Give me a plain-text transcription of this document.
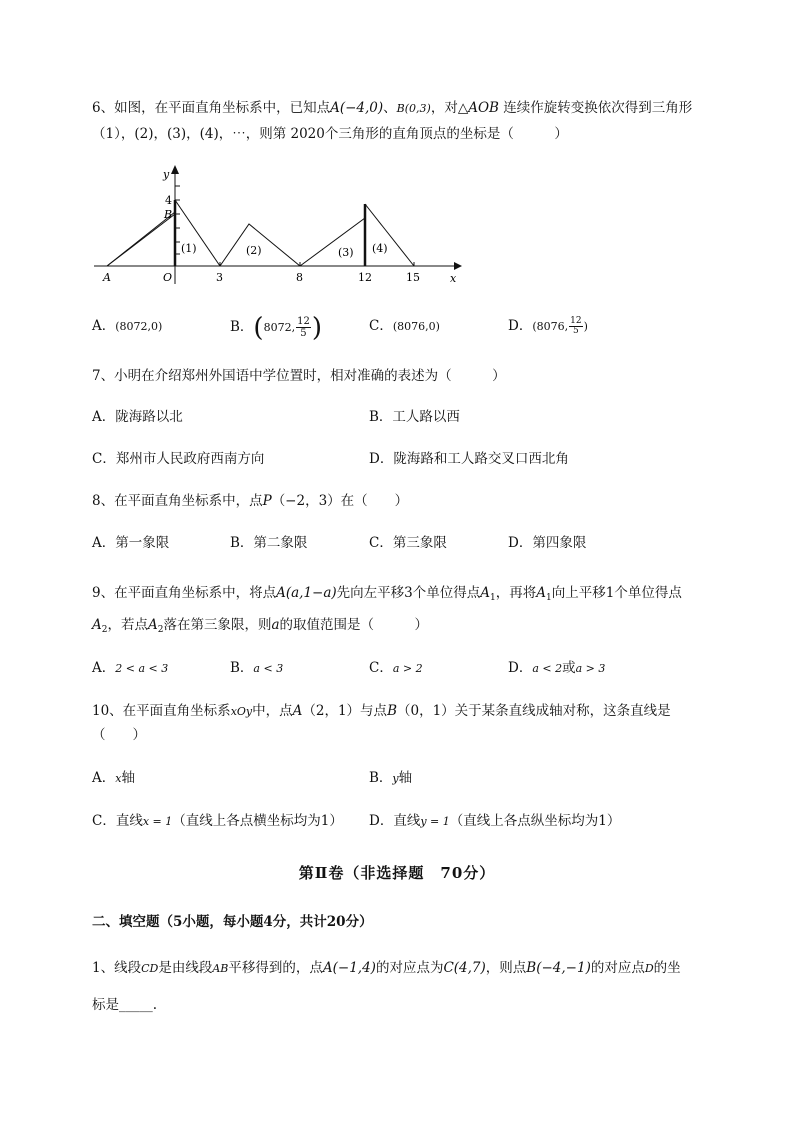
6、如图，在平面直角坐标系中，已知点A(−4,0)、B(0,3)，对△AOB 连续作旋转变换依次得到三角形
（1），(2)，(3)，(4)，⋯，则第 2020个三角形的直角顶点的坐标是（　　　）
y
x
4
B
A	O	3	8	12	15
(1)	(2)	(3) (4)
A．(8072,0)	B．(8072, $\frac{12}{5}$ )	C．(8076,0)	D．(8076, $\frac{12}{5}$ )
7、小明在介绍郑州外国语中学位置时，相对准确的表述为（　　　）
A．陇海路以北	B．工人路以西
C．郑州市人民政府西南方向	D．陇海路和工人路交叉口西北角
8、在平面直角坐标系中，点P（−2，3）在（　　）
A．第一象限	B．第二象限	C．第三象限	D．第四象限
9、在平面直角坐标系中，将点A(a,1−a)先向左平移3个单位得点$A_1$，再将$A_1$向上平移1个单位得点
$A_2$，若点$A_2$落在第三象限，则a的取值范围是（　　　）
A．2 < a < 3	B．a < 3	C．a > 2	D．a < 2或a > 3
10、在平面直角坐标系xOy中，点A（2，1）与点B（0，1）关于某条直线成轴对称，这条直线是
（　　）
A．x轴	B．y轴
C．直线x = 1（直线上各点横坐标均为1） D．直线y = 1（直线上各点纵坐标均为1）
第Ⅱ卷（非选择题　70分）
二、填空题（5小题，每小题4分，共计20分）
1、线段CD是由线段AB平移得到的，点A(−1,4)的对应点为C(4,7)，则点B(−4,−1)的对应点D的坐
标是_____.
